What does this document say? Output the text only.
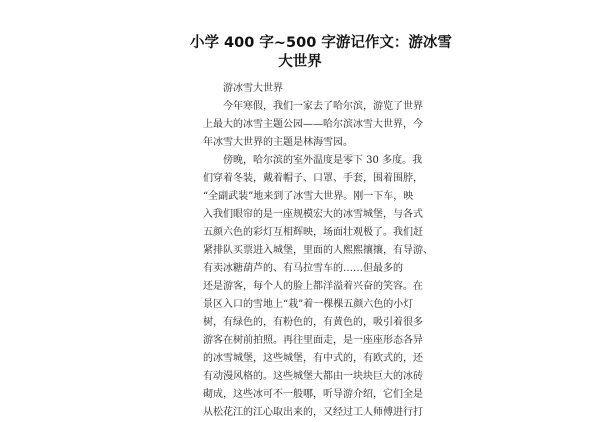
小学 400 字~500 字游记作文：游冰雪
大世界
游冰雪大世界
今年寒假，我们一家去了哈尔滨，游览了世界
上最大的冰雪主题公园——哈尔滨冰雪大世界，今
年冰雪大世界的主题是林海雪园。
傍晚，哈尔滨的室外温度是零下 30 多度。我
们穿着冬装，戴着帽子、口罩、手套，围着围脖，
“全副武装”地来到了冰雪大世界。刚一下车，映
入我们眼帘的是一座规模宏大的冰雪城堡，与各式
五颜六色的彩灯互相辉映，场面壮观极了。我们赶
紧排队买票进入城堡，里面的人熙熙攘攘，有导游、
有卖冰糖葫芦的、有马拉雪车的……但最多的
还是游客，每个人的脸上都洋溢着兴奋的笑容。在
景区入口的雪地上“栽”着一棵棵五颜六色的小灯
树，有绿色的，有粉色的，有黄色的，吸引着很多
游客在树前拍照。再往里面走，是一座座形态各异
的冰雪城堡，这些城堡，有中式的，有欧式的，还
有动漫风格的。这些城堡大都由一块块巨大的冰砖
砌成，这些冰可不一般哪，听导游介绍，它们全是
从松花江的江心取出来的，又经过工人师傅进行打
